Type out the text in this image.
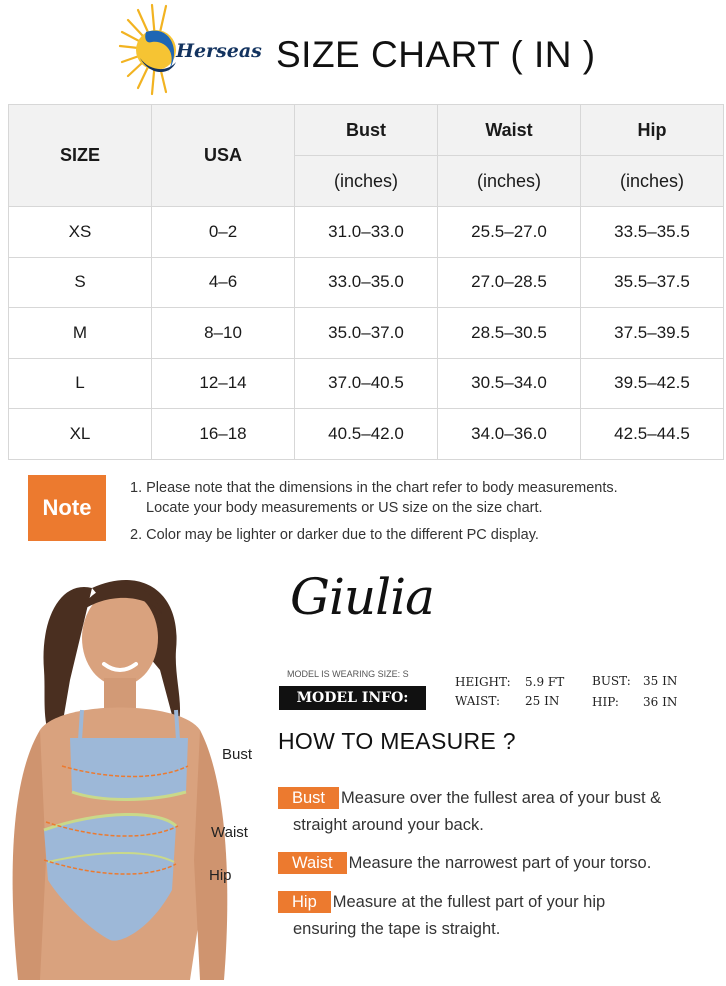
Herseas SIZE CHART ( IN )
SIZE	USA	Bust	Waist	Hip
		(inches)	(inches)	(inches)
XS	0–2	31.0–33.0	25.5–27.0	33.5–35.5
S	4–6	33.0–35.0	27.0–28.5	35.5–37.5
M	8–10	35.0–37.0	28.5–30.5	37.5–39.5
L	12–14	37.0–40.5	30.5–34.0	39.5–42.5
XL	16–18	40.5–42.0	34.0–36.0	42.5–44.5
Note

1. Please note that the dimensions in the chart refer to body measurements.

Locate your body measurements or US size on the size chart.

2. Color may be lighter or darker due to the different PC display.

Bust
Waist
Hip
Giulia
MODEL IS WEARING SIZE: S
MODEL INFO:
HEIGHT: 5.9 FT BUST: 35 IN
WAIST: 25 IN	HIP: 36 IN
HOW TO MEASURE ?
Bust Measure over the fullest area of your bust &
straight around your back.
Waist Measure the narrowest part of your torso.
Hip Measure at the fullest part of your hip
ensuring the tape is straight.
